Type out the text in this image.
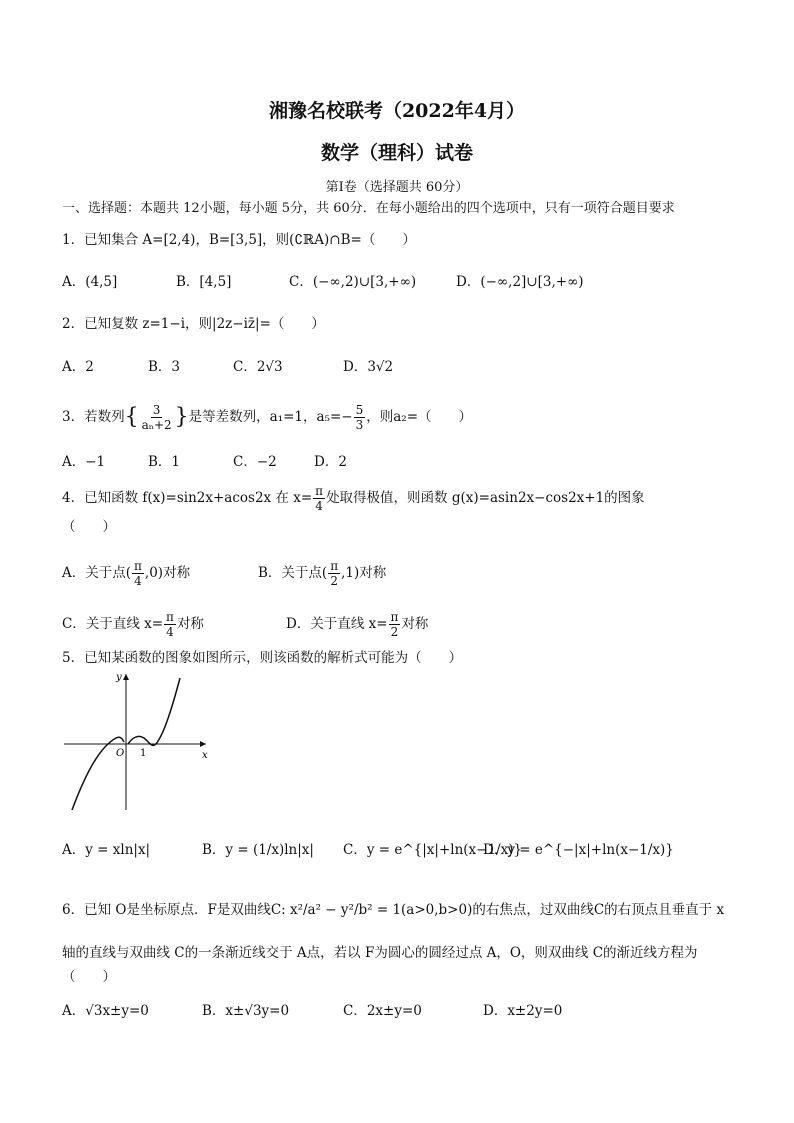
湘豫名校联考（2022年4月）
数学（理科）试卷
第Ⅰ卷（选择题共 60分）
一、选择题：本题共 12小题，每小题 5分，共 60分．在每小题给出的四个选项中，只有一项符合题目要求
1．已知集合 A=[2,4)，B=[3,5]，则(∁ℝA)∩B=（　　）
A．(4,5]	B．[4,5]	C．(−∞,2)∪[3,+∞)	D．(−∞,2]∪[3,+∞)
2．已知复数 z=1−i，则|2z−iz̄|=（　　）
A．2	B．3	C．2√3	D．3√2
3．若数列{ $\frac{3}{\text{aₙ+2}}$ }是等差数列，a₁=1，$a_5=- \frac{5}{3}$ ，则a₂=（　　）
A．−1	B．1	C．−2	D．2
4．已知函数 f(x)=sin2x+acos2x 在 $x= \frac{\pi}{4}$ 处取得极值，则函数 g(x)=asin2x−cos2x+1的图象
（　　）
A．关于点( $\frac{\pi}{4} ,0$)对称	B．关于点( $\frac{\pi}{2} ,1$)对称
C．关于直线 $x= \frac{\pi}{4}$ 对称	D．关于直线 $x= \frac{\pi}{2}$ 对称
5．已知某函数的图象如图所示，则该函数的解析式可能为（　　）
y
x
O 1
A．y = xln|x|	B．y = (1/x)ln|x| C．y = e^{|x|+ln(x−1/x)}
D．y = e^{−|x|+ln(x−1/x)}
6．已知 O是坐标原点．F是双曲线C: x²/a² − y²/b² = 1(a>0,b>0)的右焦点，过双曲线C的右顶点且垂直于 x
轴的直线与双曲线 C的一条渐近线交于 A点，若以 F为圆心的圆经过点 A，O，则双曲线 C的渐近线方程为
（　　）
A．√3x±y=0	B．x±√3y=0	C．2x±y=0	D．x±2y=0
